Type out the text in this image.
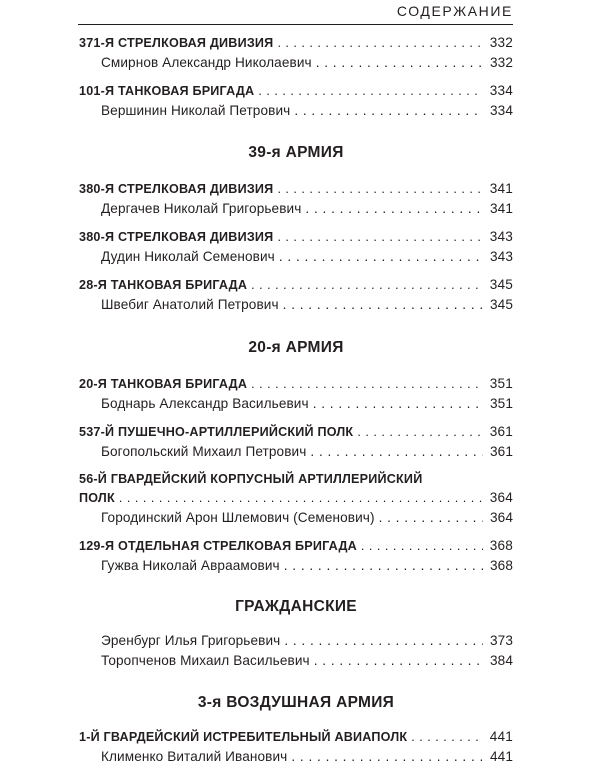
СОДЕРЖАНИЕ
371-Я СТРЕЛКОВАЯ ДИВИЗИЯ . . .	332
Смирнов Александр Николаевич . . .	332
101-Я ТАНКОВАЯ БРИГАДА . . .	334
Вершинин Николай Петрович . . .	334
39-я АРМИЯ
380-Я СТРЕЛКОВАЯ ДИВИЗИЯ . . .	341
Дергачев Николай Григорьевич . . .	341
380-Я СТРЕЛКОВАЯ ДИВИЗИЯ . . .	343
Дудин Николай Семенович . . .	343
28-Я ТАНКОВАЯ БРИГАДА . . .	345
Швебиг Анатолий Петрович . . .	345
20-я АРМИЯ
20-Я ТАНКОВАЯ БРИГАДА . . .	351
Боднарь Александр Васильевич . . .	351
537-Й ПУШЕЧНО-АРТИЛЛЕРИЙСКИЙ ПОЛК . . .	361
Богопольский Михаил Петрович . . .	361
56-Й ГВАРДЕЙСКИЙ КОРПУСНЫЙ АРТИЛЛЕРИЙСКИЙ
ПОЛК . . .	364
Городинский Арон Шлемович (Семенович) . . .	364
129-Я ОТДЕЛЬНАЯ СТРЕЛКОВАЯ БРИГАДА . . .	368
Гужва Николай Авраамович . . .	368
ГРАЖДАНСКИЕ
Эренбург Илья Григорьевич . . .	373
Торопченов Михаил Васильевич . . .	384
3-я ВОЗДУШНАЯ АРМИЯ
1-Й ГВАРДЕЙСКИЙ ИСТРЕБИТЕЛЬНЫЙ АВИАПОЛК . . .	441
Клименко Виталий Иванович . . .	441
